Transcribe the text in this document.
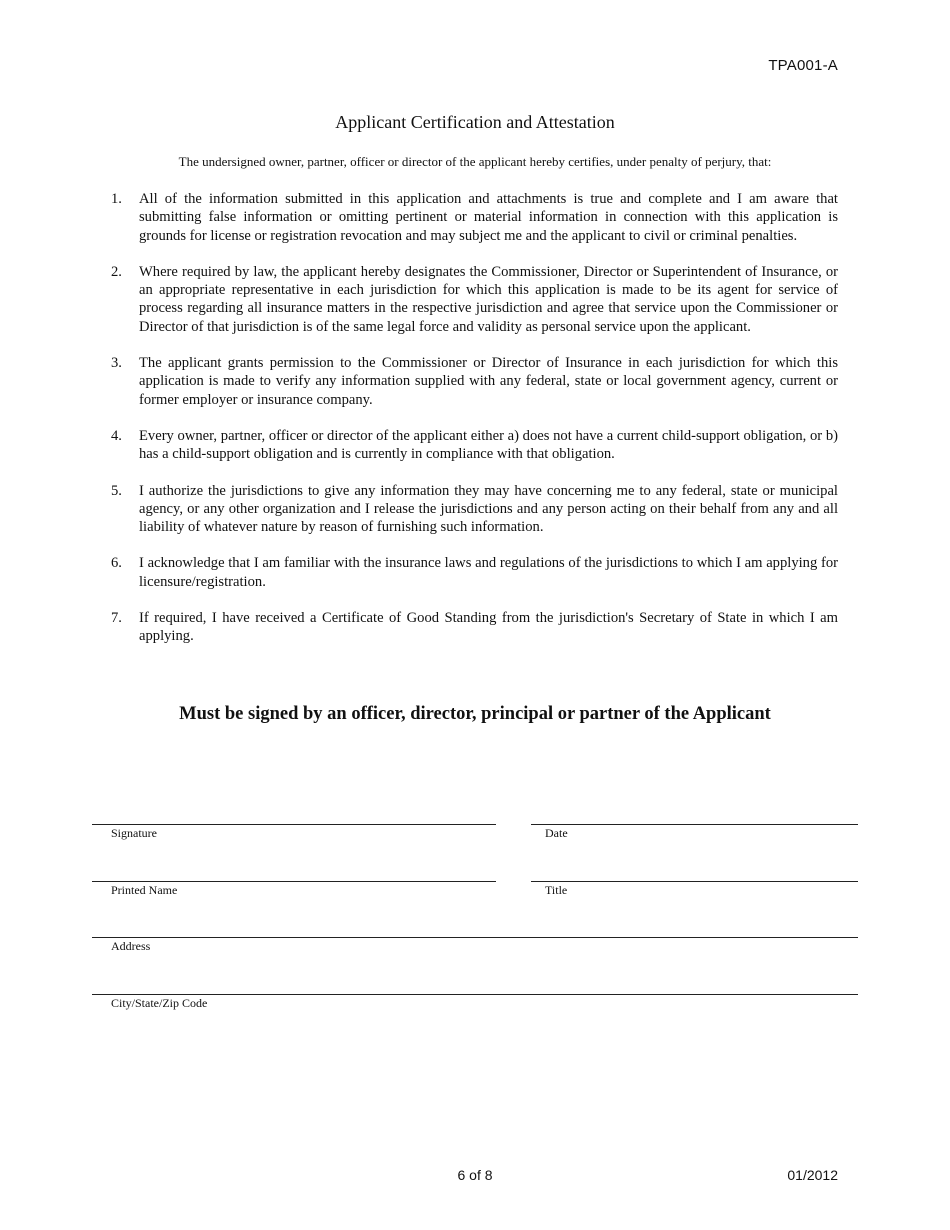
TPA001-A
Applicant Certification and Attestation
The undersigned owner, partner, officer or director of the applicant hereby certifies, under penalty of perjury, that:
1.	All of the information submitted in this application and attachments is true and complete and I am aware that submitting false information or omitting pertinent or material information in connection with this application is grounds for license or registration revocation and may subject me and the applicant to civil or criminal penalties.
2.	Where required by law, the applicant hereby designates the Commissioner, Director or Superintendent of Insurance, or an appropriate representative in each jurisdiction for which this application is made to be its agent for service of process regarding all insurance matters in the respective jurisdiction and agree that service upon the Commissioner or Director of that jurisdiction is of the same legal force and validity as personal service upon the applicant.
3.	The applicant grants permission to the Commissioner or Director of Insurance in each jurisdiction for which this application is made to verify any information supplied with any federal, state or local government agency, current or former employer or insurance company.
4.	Every owner, partner, officer or director of the applicant either a) does not have a current child-support obligation, or b) has a child-support obligation and is currently in compliance with that obligation.
5.	I authorize the jurisdictions to give any information they may have concerning me to any federal, state or municipal agency, or any other organization and I release the jurisdictions and any person acting on their behalf from any and all liability of whatever nature by reason of furnishing such information.
6.	I acknowledge that I am familiar with the insurance laws and regulations of the jurisdictions to which I am applying for licensure/registration.
7.	If required, I have received a Certificate of Good Standing from the jurisdiction's Secretary of State in which I am applying.
Must be signed by an officer, director, principal or partner of the Applicant
Signature	Date
Printed Name	Title
Address
City/State/Zip Code
6 of 8	01/2012
